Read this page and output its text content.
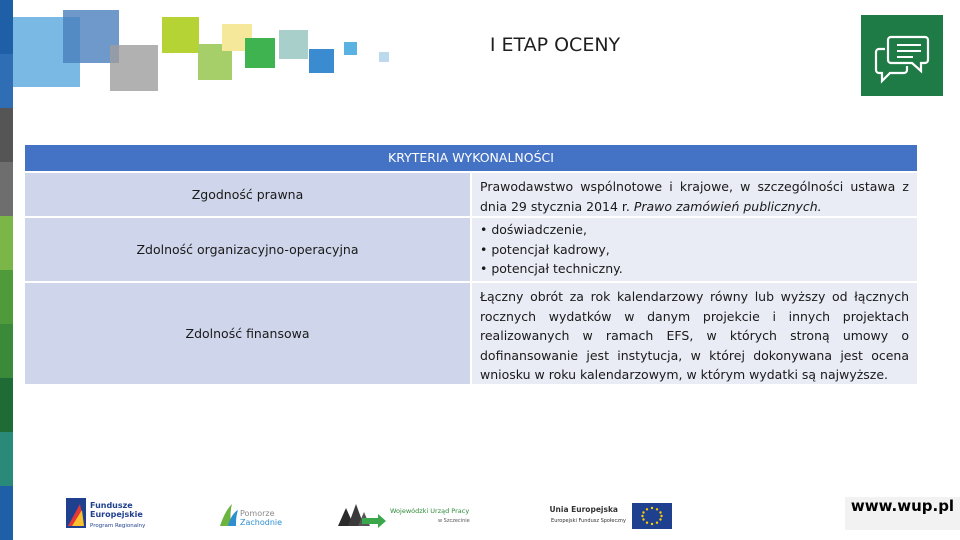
I ETAP OCENY
KRYTERIA WYKONALNOŚCI
Zgodność prawna
Prawodawstwo wspólnotowe i krajowe, w szczególności ustawa z dnia 29 stycznia 2014 r. Prawo zamówień publicznych.
Zdolność organizacyjno-operacyjna
• doświadczenie,
• potencjał kadrowy,
• potencjał techniczny.
Zdolność finansowa
Łączny obrót za rok kalendarzowy równy lub wyższy od łącznych rocznych wydatków w danym projekcie i innych projektach realizowanych w ramach EFS, w których stroną umowy o dofinansowanie jest instytucja, w której dokonywana jest ocena wniosku w roku kalendarzowym, w którym wydatki są najwyższe.
Fundusze
Europejskie
Program Regionalny
Pomorze
Zachodnie
Wojewódzki Urząd Pracy
w Szczecinie
Unia Europejska
Europejski Fundusz Społeczny
www.wup.pl
